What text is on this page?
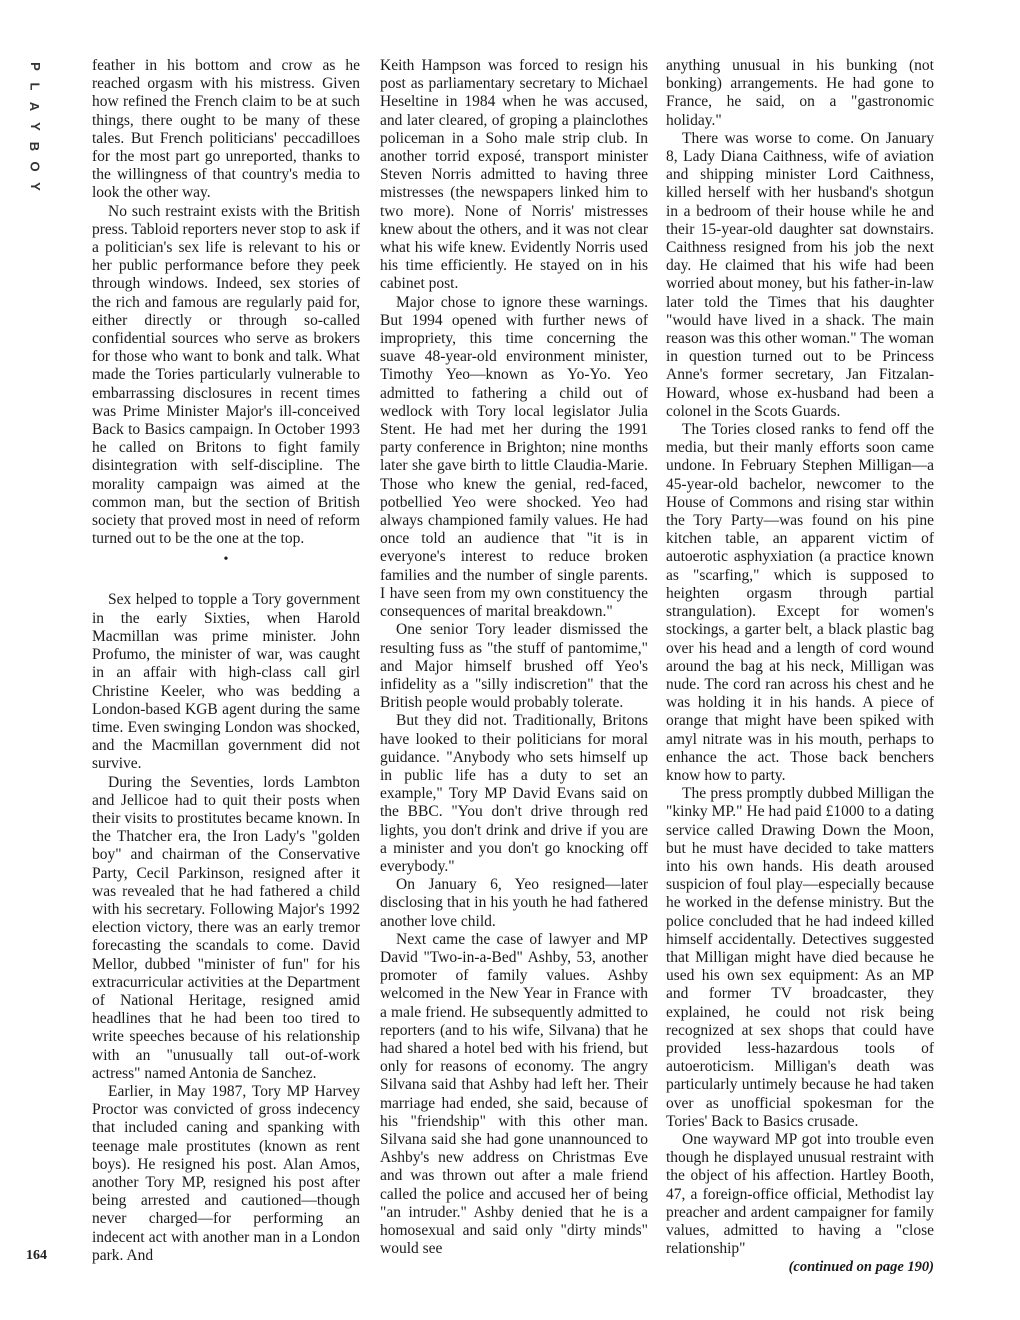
P
L
A
Y
B
O
Y
164

feather in his bottom and crow as he reached orgasm with his mistress. Given how refined the French claim to be at such things, there ought to be many of these tales. But French politicians' peccadilloes for the most part go unreported, thanks to the willingness of that country's media to look the other way.

No such restraint exists with the British press. Tabloid reporters never stop to ask if a politician's sex life is relevant to his or her public performance before they peek through windows. Indeed, sex stories of the rich and famous are regularly paid for, either directly or through so-called confidential sources who serve as brokers for those who want to bonk and talk. What made the Tories particularly vulnerable to embarrassing disclosures in recent times was Prime Minister Major's ill-conceived Back to Basics campaign. In October 1993 he called on Britons to fight family disintegration with self-discipline. The morality campaign was aimed at the common man, but the section of British society that proved most in need of reform turned out to be the one at the top.

•

Sex helped to topple a Tory government in the early Sixties, when Harold Macmillan was prime minister. John Profumo, the minister of war, was caught in an affair with high-class call girl Christine Keeler, who was bedding a London-based KGB agent during the same time. Even swinging London was shocked, and the Macmillan government did not survive.

During the Seventies, lords Lambton and Jellicoe had to quit their posts when their visits to prostitutes became known. In the Thatcher era, the Iron Lady's "golden boy" and chairman of the Conservative Party, Cecil Parkinson, resigned after it was revealed that he had fathered a child with his secretary. Following Major's 1992 election victory, there was an early tremor forecasting the scandals to come. David Mellor, dubbed "minister of fun" for his extracurricular activities at the Department of National Heritage, resigned amid headlines that he had been too tired to write speeches because of his relationship with an "unusually tall out-of-work actress" named Antonia de Sanchez.

Earlier, in May 1987, Tory MP Harvey Proctor was convicted of gross indecency that included caning and spanking with teenage male prostitutes (known as rent boys). He resigned his post. Alan Amos, another Tory MP, resigned his post after being arrested and cautioned—though never charged—for performing an indecent act with another man in a London park. And

Keith Hampson was forced to resign his post as parliamentary secretary to Michael Heseltine in 1984 when he was accused, and later cleared, of groping a plainclothes policeman in a Soho male strip club. In another torrid exposé, transport minister Steven Norris admitted to having three mistresses (the newspapers linked him to two more). None of Norris' mistresses knew about the others, and it was not clear what his wife knew. Evidently Norris used his time efficiently. He stayed on in his cabinet post.

Major chose to ignore these warnings. But 1994 opened with further news of impropriety, this time concerning the suave 48-year-old environment minister, Timothy Yeo—known as Yo-Yo. Yeo admitted to fathering a child out of wedlock with Tory local legislator Julia Stent. He had met her during the 1991 party conference in Brighton; nine months later she gave birth to little Claudia-Marie. Those who knew the genial, red-faced, potbellied Yeo were shocked. Yeo had always championed family values. He had once told an audience that "it is in everyone's interest to reduce broken families and the number of single parents. I have seen from my own constituency the consequences of marital breakdown."

One senior Tory leader dismissed the resulting fuss as "the stuff of pantomime," and Major himself brushed off Yeo's infidelity as a "silly indiscretion" that the British people would probably tolerate.

But they did not. Traditionally, Britons have looked to their politicians for moral guidance. "Anybody who sets himself up in public life has a duty to set an example," Tory MP David Evans said on the BBC. "You don't drive through red lights, you don't drink and drive if you are a minister and you don't go knocking off everybody."

On January 6, Yeo resigned—later disclosing that in his youth he had fathered another love child.

Next came the case of lawyer and MP David "Two-in-a-Bed" Ashby, 53, another promoter of family values. Ashby welcomed in the New Year in France with a male friend. He subsequently admitted to reporters (and to his wife, Silvana) that he had shared a hotel bed with his friend, but only for reasons of economy. The angry Silvana said that Ashby had left her. Their marriage had ended, she said, because of his "friendship" with this other man. Silvana said she had gone unannounced to Ashby's new address on Christmas Eve and was thrown out after a male friend called the police and accused her of being "an intruder." Ashby denied that he is a homosexual and said only "dirty minds" would see

anything unusual in his bunking (not bonking) arrangements. He had gone to France, he said, on a "gastronomic holiday."

There was worse to come. On January 8, Lady Diana Caithness, wife of aviation and shipping minister Lord Caithness, killed herself with her husband's shotgun in a bedroom of their house while he and their 15-year-old daughter sat downstairs. Caithness resigned from his job the next day. He claimed that his wife had been worried about money, but his father-in-law later told the Times that his daughter "would have lived in a shack. The main reason was this other woman." The woman in question turned out to be Princess Anne's former secretary, Jan Fitzalan-Howard, whose ex-husband had been a colonel in the Scots Guards.

The Tories closed ranks to fend off the media, but their manly efforts soon came undone. In February Stephen Milligan—a 45-year-old bachelor, newcomer to the House of Commons and rising star within the Tory Party—was found on his pine kitchen table, an apparent victim of autoerotic asphyxiation (a practice known as "scarfing," which is supposed to heighten orgasm through partial strangulation). Except for women's stockings, a garter belt, a black plastic bag over his head and a length of cord wound around the bag at his neck, Milligan was nude. The cord ran across his chest and he was holding it in his hands. A piece of orange that might have been spiked with amyl nitrate was in his mouth, perhaps to enhance the act. Those back benchers know how to party.

The press promptly dubbed Milligan the "kinky MP." He had paid £1000 to a dating service called Drawing Down the Moon, but he must have decided to take matters into his own hands. His death aroused suspicion of foul play—especially because he worked in the defense ministry. But the police concluded that he had indeed killed himself accidentally. Detectives suggested that Milligan might have died because he used his own sex equipment: As an MP and former TV broadcaster, they explained, he could not risk being recognized at sex shops that could have provided less-hazardous tools of autoeroticism. Milligan's death was particularly untimely because he had taken over as unofficial spokesman for the Tories' Back to Basics crusade.

One wayward MP got into trouble even though he displayed unusual restraint with the object of his affection. Hartley Booth, 47, a foreign-office official, Methodist lay preacher and ardent campaigner for family values, admitted to having a "close relationship"

(continued on page 190)
